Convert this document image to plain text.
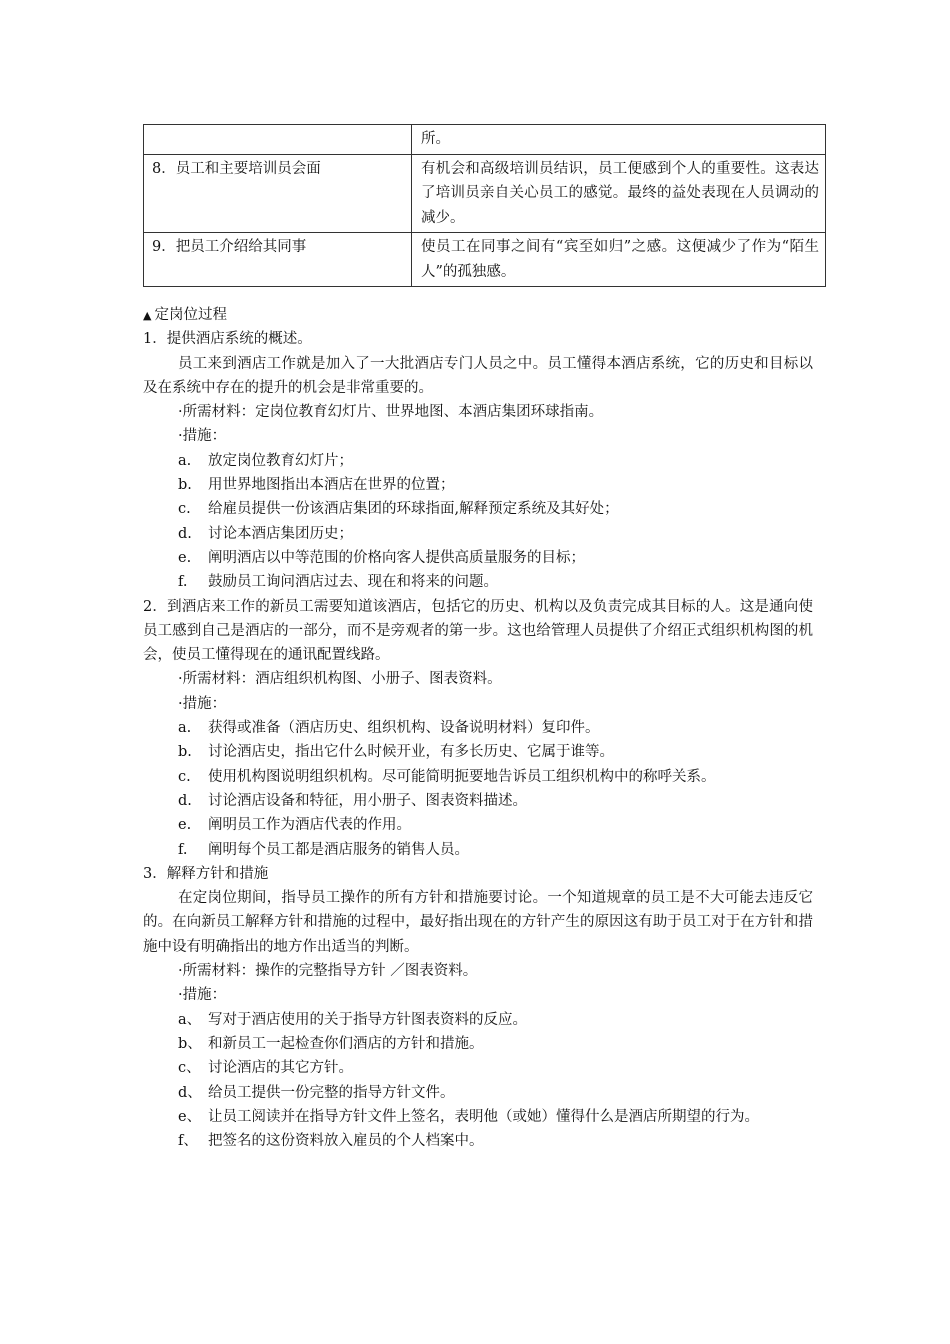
	所。
8．员工和主要培训员会面	有机会和高级培训员结识，员工便感到个人的重要性。这表达了培训员亲自关心员工的感觉。最终的益处表现在人员调动的减少。
9．把员工介绍给其同事	使员工在同事之间有“宾至如归”之感。这便减少了作为“陌生人”的孤独感。
▲ 定岗位过程
1．提供酒店系统的概述。
员工来到酒店工作就是加入了一大批酒店专门人员之中。员工懂得本酒店系统，它的历史和目标以及在系统中存在的提升的机会是非常重要的。
·所需材料：定岗位教育幻灯片、世界地图、本酒店集团环球指南。
·措施：
a. 放定岗位教育幻灯片；
b. 用世界地图指出本酒店在世界的位置；
c. 给雇员提供一份该酒店集团的环球指面,解释预定系统及其好处；
d. 讨论本酒店集团历史；
e. 阐明酒店以中等范围的价格向客人提供高质量服务的目标；
f. 鼓励员工询问酒店过去、现在和将来的问题。
2．到酒店来工作的新员工需要知道该酒店，包括它的历史、机构以及负责完成其目标的人。这是通向使员工感到自己是酒店的一部分，而不是旁观者的第一步。这也给管理人员提供了介绍正式组织机构图的机会，使员工懂得现在的通讯配置线路。
·所需材料：酒店组织机构图、小册子、图表资料。
·措施：
a. 获得或准备（酒店历史、组织机构、设备说明材料）复印件。
b. 讨论酒店史，指出它什么时候开业，有多长历史、它属于谁等。
c. 使用机构图说明组织机构。尽可能简明扼要地告诉员工组织机构中的称呼关系。
d. 讨论酒店设备和特征，用小册子、图表资料描述。
e. 阐明员工作为酒店代表的作用。
f. 阐明每个员工都是酒店服务的销售人员。
3．解释方针和措施
在定岗位期间，指导员工操作的所有方针和措施要讨论。一个知道规章的员工是不大可能去违反它的。在向新员工解释方针和措施的过程中，最好指出现在的方针产生的原因这有助于员工对于在方针和措施中设有明确指出的地方作出适当的判断。
·所需材料：操作的完整指导方针 ／图表资料。
·措施：
a、 写对于酒店使用的关于指导方针图表资料的反应。
b、 和新员工一起检查你们酒店的方针和措施。
c、 讨论酒店的其它方针。
d、 给员工提供一份完整的指导方针文件。
e、 让员工阅读并在指导方针文件上签名，表明他（或她）懂得什么是酒店所期望的行为。
f、 把签名的这份资料放入雇员的个人档案中。
